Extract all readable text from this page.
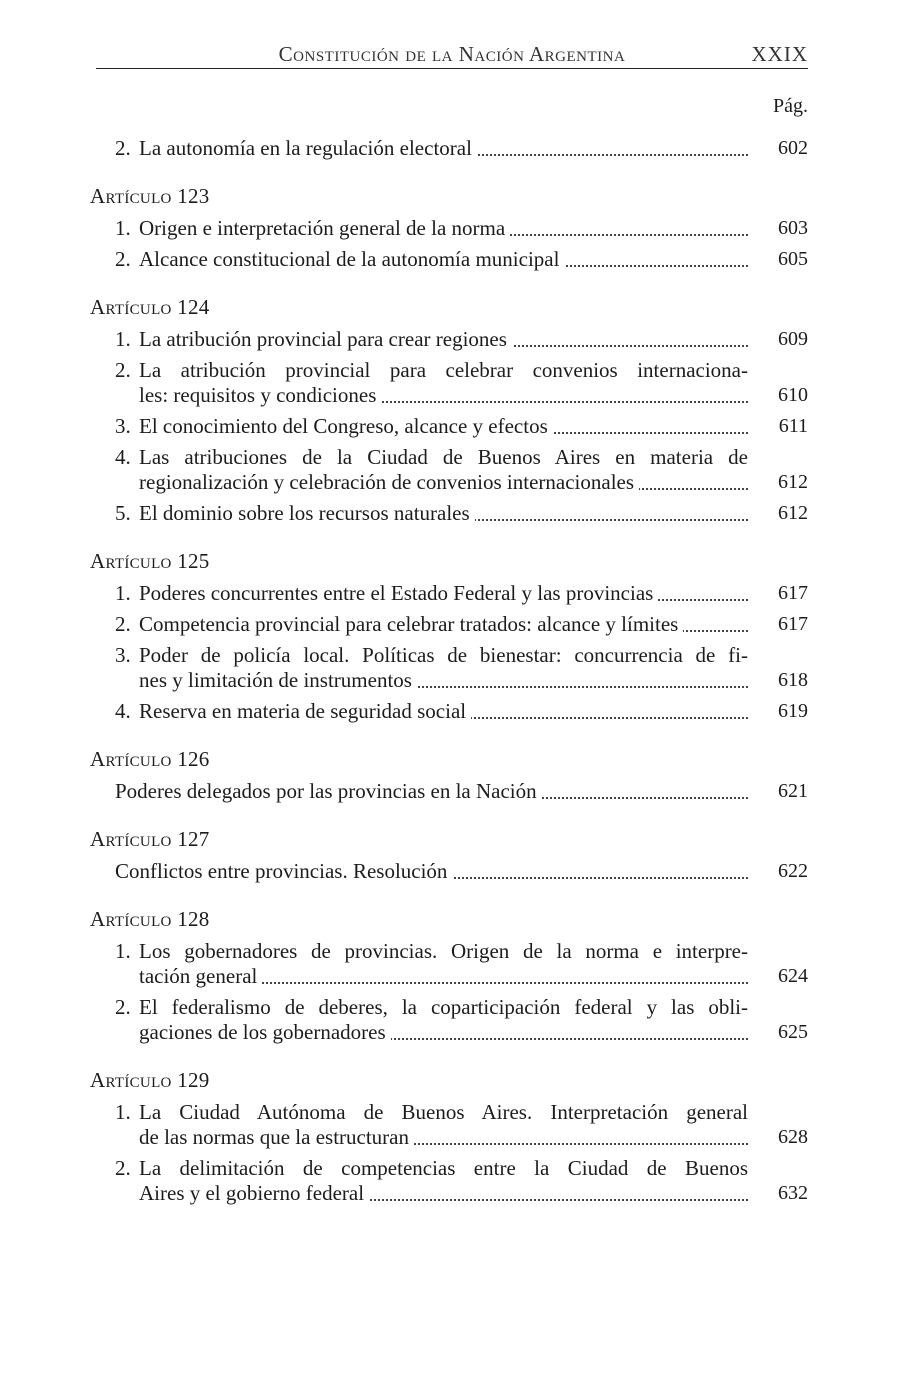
Constitución de la Nación Argentina	XXIX
Pág.
2. La autonomía en la regulación electoral	602
Artículo 123
1. Origen e interpretación general de la norma	603
2. Alcance constitucional de la autonomía municipal	605
Artículo 124
1. La atribución provincial para crear regiones	609
2. La atribución provincial para celebrar convenios internaciona-
les: requisitos y condiciones	610
3. El conocimiento del Congreso, alcance y efectos	611
4. Las atribuciones de la Ciudad de Buenos Aires en materia de
regionalización y celebración de convenios internacionales	612
5. El dominio sobre los recursos naturales	612
Artículo 125
1. Poderes concurrentes entre el Estado Federal y las provincias	617
2. Competencia provincial para celebrar tratados: alcance y límites	617
3. Poder de policía local. Políticas de bienestar: concurrencia de fi-
nes y limitación de instrumentos	618
4. Reserva en materia de seguridad social	619
Artículo 126
Poderes delegados por las provincias en la Nación	621
Artículo 127
Conflictos entre provincias. Resolución	622
Artículo 128
1. Los gobernadores de provincias. Origen de la norma e interpre-
tación general	624
2. El federalismo de deberes, la coparticipación federal y las obli-
gaciones de los gobernadores	625
Artículo 129
1. La Ciudad Autónoma de Buenos Aires. Interpretación general
de las normas que la estructuran	628
2. La delimitación de competencias entre la Ciudad de Buenos
Aires y el gobierno federal	632
